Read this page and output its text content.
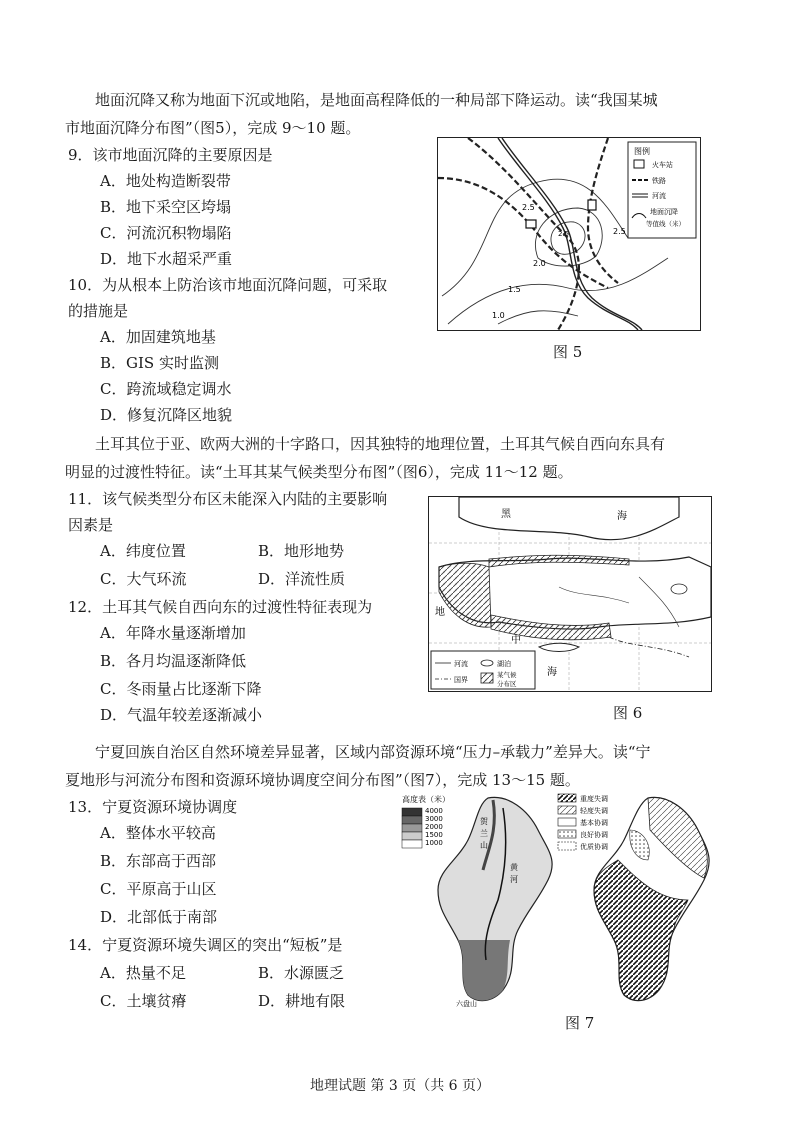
地面沉降又称为地面下沉或地陷，是地面高程降低的一种局部下降运动。读“我国某城
市地面沉降分布图”（图5），完成 9～10 题。
9．该市地面沉降的主要原因是
A．地处构造断裂带
B．地下采空区垮塌
C．河流沉积物塌陷
D．地下水超采严重
10．为从根本上防治该市地面沉降问题，可采取
的措施是
A．加固建筑地基
B．GIS 实时监测
C．跨流域稳定调水
D．修复沉降区地貌
2.5
2.0
1.5
1.0
2.5
2.5
图例
火车站
铁路
河流
地面沉降
等值线（米）
图 5
土耳其位于亚、欧两大洲的十字路口，因其独特的地理位置，土耳其气候自西向东具有
明显的过渡性特征。读“土耳其某气候类型分布图”（图6），完成 11～12 题。
11．该气候类型分布区未能深入内陆的主要影响
因素是
A．纬度位置	B．地形地势
C．大气环流	D．洋流性质
12．土耳其气候自西向东的过渡性特征表现为
A．年降水量逐渐增加
B．各月均温逐渐降低
C．冬雨量占比逐渐下降
D．气温年较差逐渐减小
黑	海
地
中
海
河流	湖泊
国界
某气候
分布区
图 6
宁夏回族自治区自然环境差异显著，区域内部资源环境“压力–承载力”差异大。读“宁
夏地形与河流分布图和资源环境协调度空间分布图”（图7），完成 13～15 题。
13．宁夏资源环境协调度
A．整体水平较高
B．东部高于西部
C．平原高于山区
D．北部低于南部
14．宁夏资源环境失调区的突出“短板”是
A．热量不足	B．水源匮乏
C．土壤贫瘠	D．耕地有限
高度表（米）
4000
3000
2000
1500
1000
贺
兰
山
黄
河
六盘山
重度失调
轻度失调
基本协调
良好协调
优质协调
图 7
地理试题 第 3 页（共 6 页）
